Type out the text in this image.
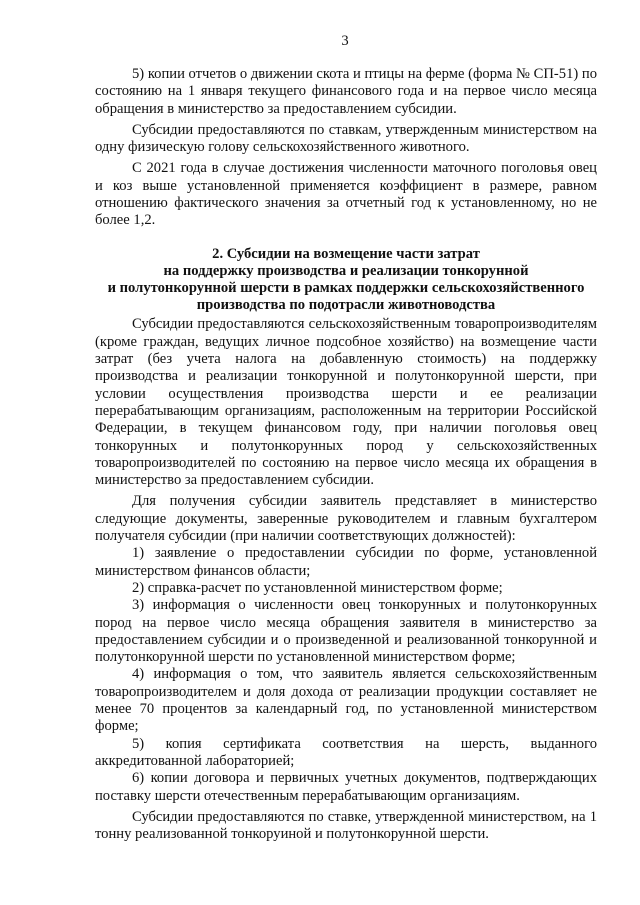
3

5) копии отчетов о движении скота и птицы на ферме (форма № СП-51) по состоянию на 1 января текущего финансового года и на первое число месяца обращения в министерство за предоставлением субсидии.

Субсидии предоставляются по ставкам, утвержденным министерством на одну физическую голову сельскохозяйственного животного.

С 2021 года в случае достижения численности маточного поголовья овец и коз выше установленной применяется коэффициент в размере, равном отношению фактического значения за отчетный год к установленному, но не более 1,2.

2. Субсидии на возмещение части затрат
на поддержку производства и реализации тонкорунной
и полутонкорунной шерсти в рамках поддержки сельскохозяйственного
производства по подотрасли животноводства

Субсидии предоставляются сельскохозяйственным товаропроизводителям (кроме граждан, ведущих личное подсобное хозяйство) на возмещение части затрат (без учета налога на добавленную стоимость) на поддержку производства и реализации тонкорунной и полутонкорунной шерсти, при условии осуществления производства шерсти и ее реализации перерабатывающим организациям, расположенным на территории Российской Федерации, в текущем финансовом году, при наличии поголовья овец тонкорунных и полутонкорунных пород у сельскохозяйственных товаропроизводителей по состоянию на первое число месяца их обращения в министерство за предоставлением субсидии.

Для получения субсидии заявитель представляет в министерство следующие документы, заверенные руководителем и главным бухгалтером получателя субсидии (при наличии соответствующих должностей):

1) заявление о предоставлении субсидии по форме, установленной министерством финансов области;

2) справка-расчет по установленной министерством форме;

3) информация о численности овец тонкорунных и полутонкорунных пород на первое число месяца обращения заявителя в министерство за предоставлением субсидии и о произведенной и реализованной тонкорунной и полутонкорунной шерсти по установленной министерством форме;

4) информация о том, что заявитель является сельскохозяйственным товаропроизводителем и доля дохода от реализации продукции составляет не менее 70 процентов за календарный год, по установленной министерством форме;

5) копия сертификата соответствия на шерсть, выданного аккредитованной лабораторией;

6) копии договора и первичных учетных документов, подтверждающих поставку шерсти отечественным перерабатывающим организациям.

Субсидии предоставляются по ставке, утвержденной министерством, на 1 тонну реализованной тонкоруиной и полутонкорунной шерсти.
